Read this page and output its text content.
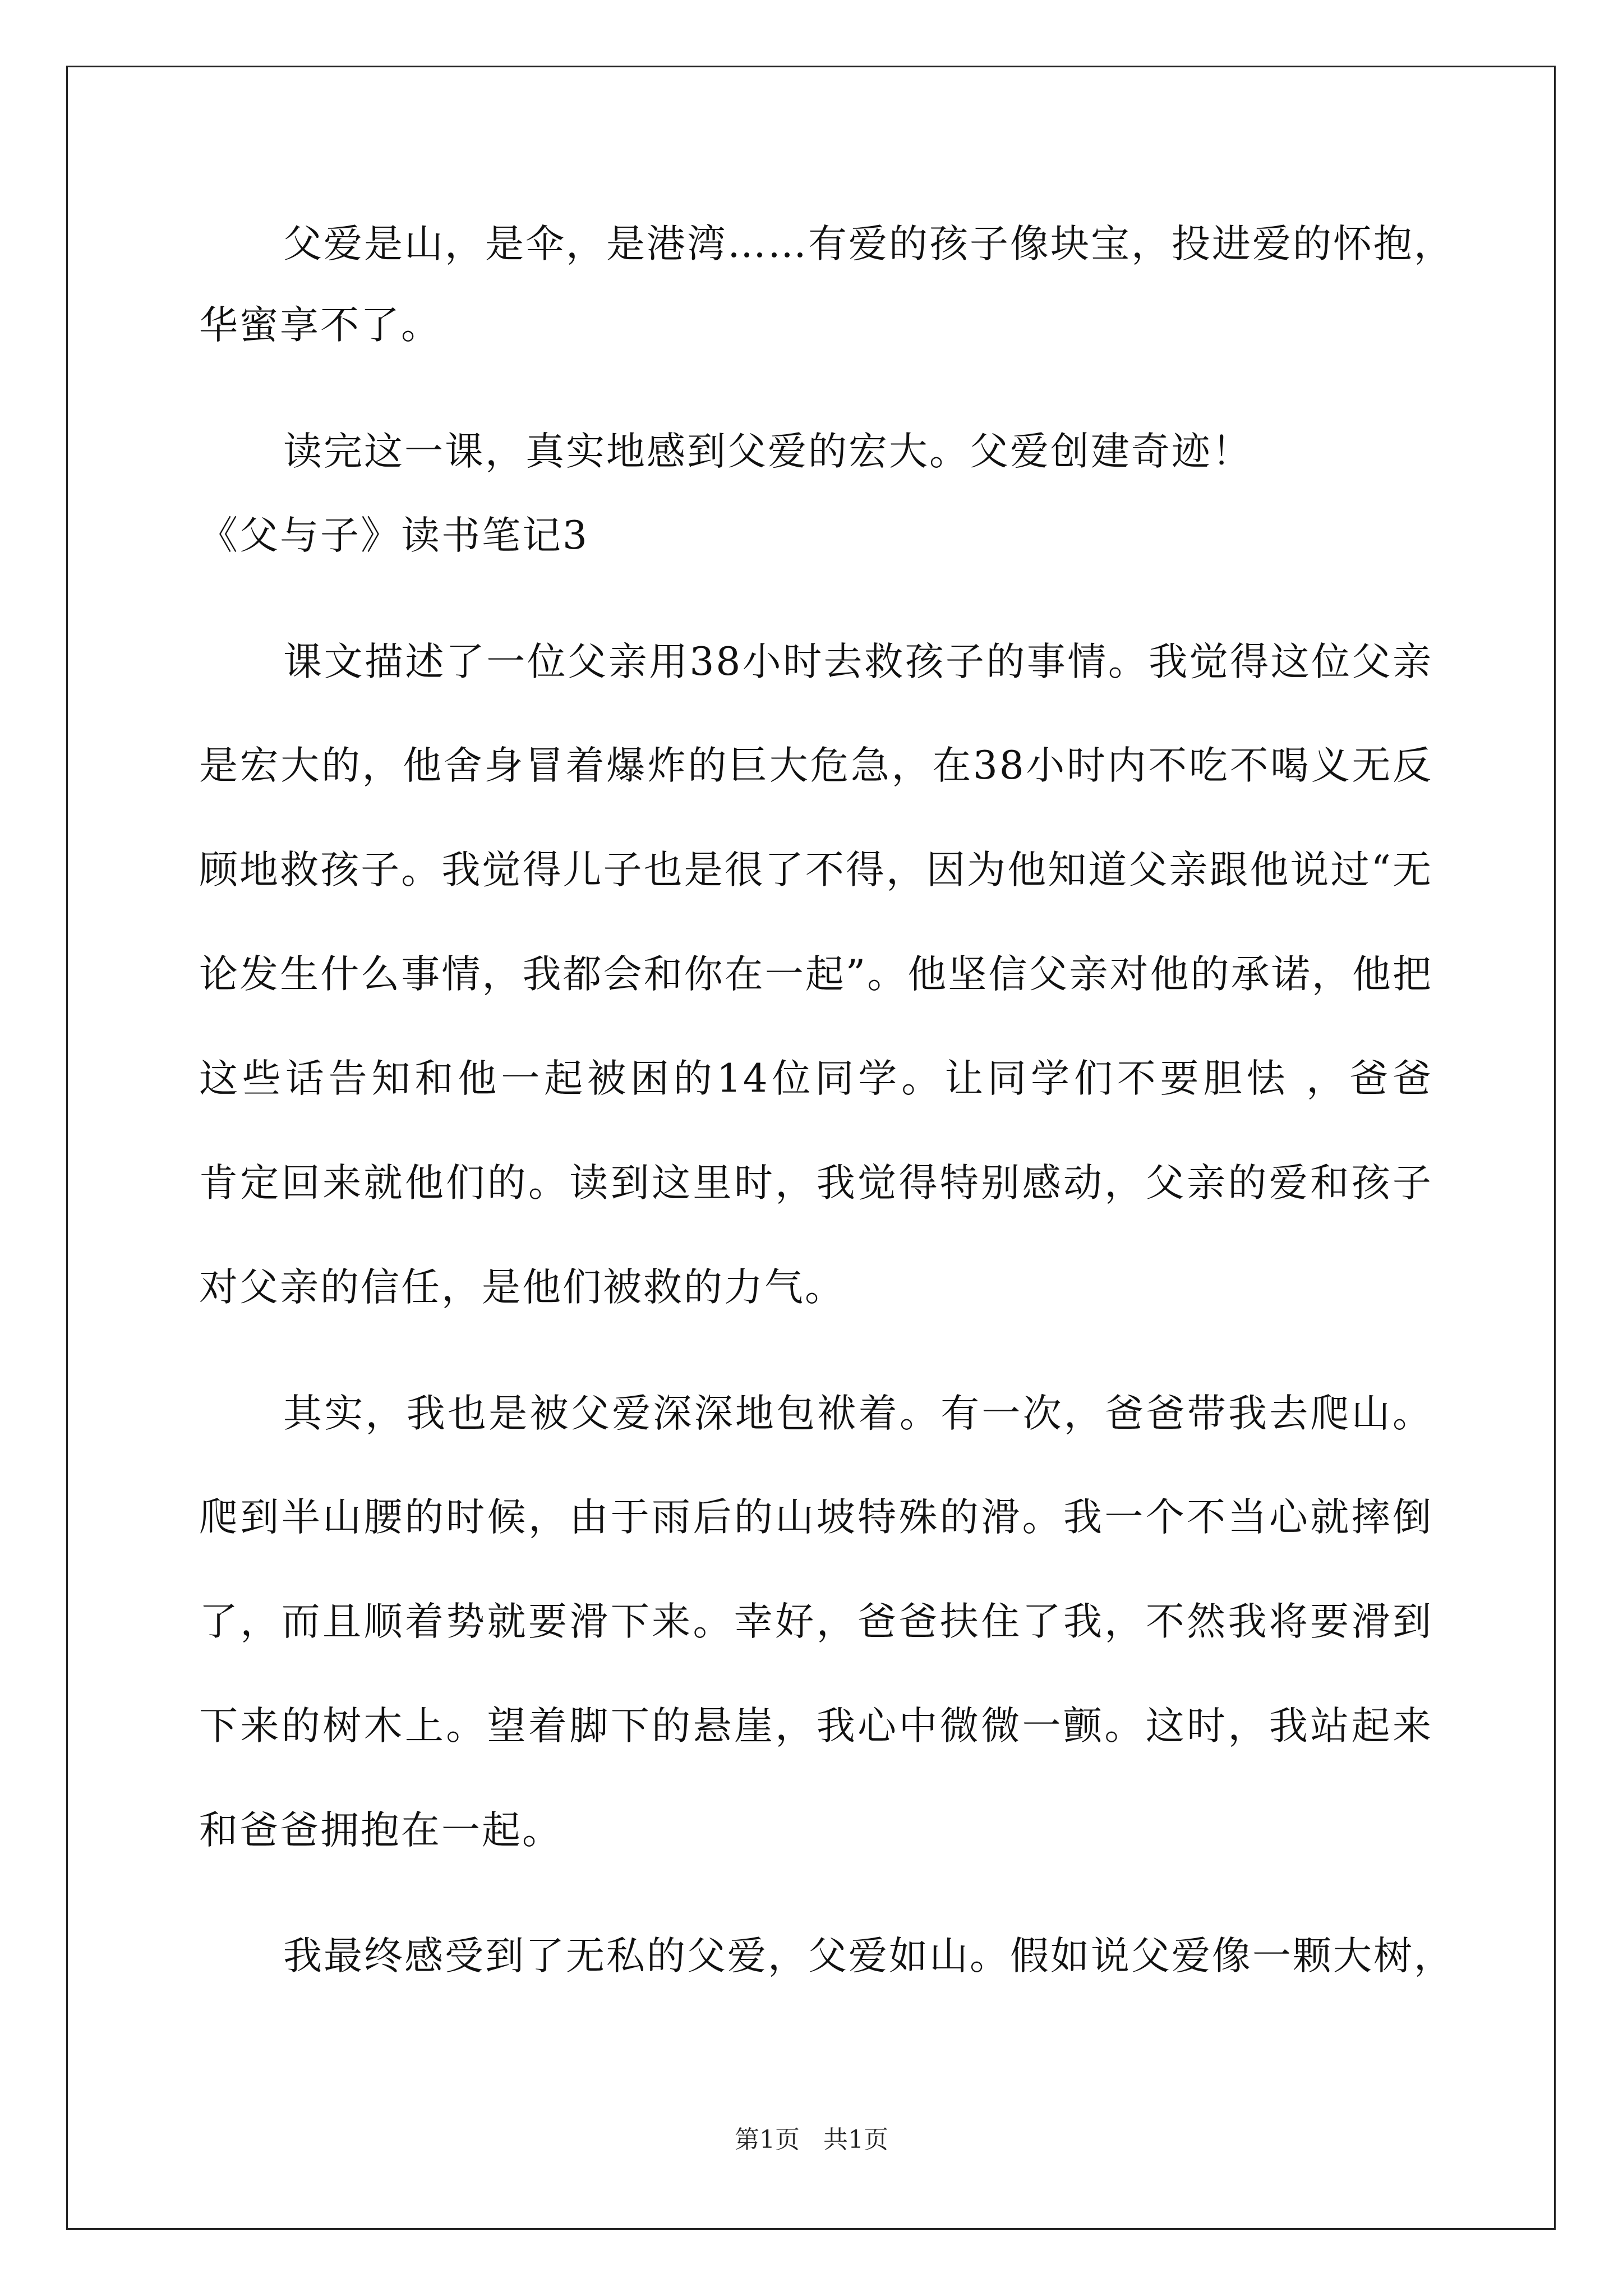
父爱是山，是伞，是港湾……有爱的孩子像块宝，投进爱的怀抱，
华蜜享不了。
读完这一课，真实地感到父爱的宏大。父爱创建奇迹！
《父与子》读书笔记3
课文描述了一位父亲用38小时去救孩子的事情。我觉得这位父亲
是宏大的，他舍身冒着爆炸的巨大危急，在38小时内不吃不喝义无反
顾地救孩子。我觉得儿子也是很了不得，因为他知道父亲跟他说过“无
论发生什么事情，我都会和你在一起”。他坚信父亲对他的承诺，他把
这些话告知和他一起被困的14位同学。让同学们不要胆怯 ，爸爸
肯定回来就他们的。读到这里时，我觉得特别感动，父亲的爱和孩子
对父亲的信任，是他们被救的力气。
其实，我也是被父爱深深地包袱着。有一次，爸爸带我去爬山。
爬到半山腰的时候，由于雨后的山坡特殊的滑。我一个不当心就摔倒
了，而且顺着势就要滑下来。幸好，爸爸扶住了我，不然我将要滑到
下来的树木上。望着脚下的悬崖，我心中微微一颤。这时，我站起来
和爸爸拥抱在一起。
我最终感受到了无私的父爱，父爱如山。假如说父爱像一颗大树，
第1页   共1页
